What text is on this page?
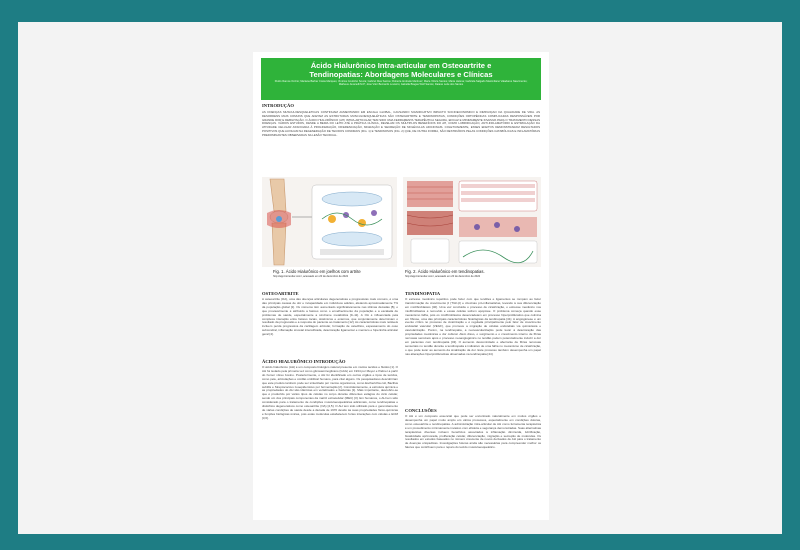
Ácido Hialurônico Intra-articular em Osteoartrite e
Tendinopatias: Abordagens Moleculares e Clínicas
Pedro Ramos Ozório; Mariana Barbar Costa Marques; Vinícius Coutinho Souza; Gabriel Dias Santos; Roberta Andrade Martinez; Maria Vitória Santos; Maria Helena; Gabriela Salgado Maximiliano Valadares Nascimento; Matheus Juvanelli M.P; Jose Vitor Bernardo Loureiro; Isabella Bragas Wolf Santos; Daiane Leite dos Santos
INTRODUÇÃO
AS DOENÇAS MUSCULOESQUELÉTICAS CONTINUAM AUMENTANDO EM ESCALA GLOBAL, CAUSANDO SIGNIFICATIVO IMPACTO SOCIOECONÔMICO E DIMINUIÇÃO DA QUALIDADE DE VIDA. AS DESORDENS MAIS COMUNS QUE AFETAM AS ESTRUTURAS MUSCULOESQUELÉTICAS SÃO OSTEOARTRITE E TENDINOPATIAS, CONDIÇÕES ORTOPÉDICAS COMPLICADAS RESPONSÁVEIS POR GRANDE DOR E DEBILITAÇÃO. O ÁCIDO HIALURÔNICO (AH) INTRA-ARTICULAR TEM SIDO UMA FERRAMENTA TERAPÊUTICA SEGURA, EFICAZ E MINIMAMENTE INVASIVA PARA O TRATAMENTO DESSAS DOENÇAS. VÁRIOS ESTUDOS, DESDE A BEIRA DO LEITO ATÉ A PRÁTICA CLÍNICA, REVELAM OS MÚLTIPLOS BENEFÍCIOS DO AH, COMO LUBRIFICAÇÃO, ANTI-INFLAMATÓRIO E ESTIMULAÇÃO DA ATIVIDADE CELULAR ASSOCIADA À PROLIFERAÇÃO, DIFERENCIAÇÃO, MIGRAÇÃO E SECREÇÃO DE MOLÉCULAS ADICIONAIS. COLETIVAMENTE, ESSES EFEITOS DEMONSTRARAM RESULTADOS POSITIVOS QUE AUXILIAM NA REGENERAÇÃO DE TECIDOS CONDRAIS (FIG. 1) E TENDINOSOS (FIG. 2) QUE, DE OUTRA FORMA, SÃO DESTRUÍDOS PELAS CONDIÇÕES CATABÓLICAS E INFLAMATÓRIAS PREDOMINANTES OBSERVADAS NA LESÃO TECIDUAL.
Fig. 1. Ácido Hialurônico em joelhos com artrite
http://app.biorender.com/, acessado em 20 de dezembro de 2022
Fig. 2. Ácido Hialurônico em tendinopatias.
http://app.biorender.com/, acessado em 20 de dezembro de 2022
OSTEOARTRITE
A osteoartrite (OA), uma das doenças articulares degenerativas e progressivas mais comuns, é uma das principais causas de dor e incapacidade em indivíduos adultos, afetando aproximadamente 7% da população global [1]. Os números têm aumentado significativamente nas últimas décadas [8], o que provavelmente é atribuído a fatores como o envelhecimento da população e a escalada de problemas de saúde, especialmente a síndrome metabólica [9–11]. A OA é influenciada pela complexa interação entre fatores locais, sistêmicos e externos, que conjuntamente determinam o resultado da progressão e a resposta do paciente ao tratamento [12]. As características mais notáveis incluem perda progressiva da cartilagem articular, formação de osteófitos, espessamento do osso subcondral, inflamação sinovial intensificada, deterioração ligamentar e menisco e hipertrofia articular geral [4].
ÁCIDO HIALURÔNICO INTRODUÇÃO
O ácido hialurônico (AH) é um composto biológico natural presente em muitos tecidos e fluidos [1]. O AH foi isolado pela primeira vez como glicosaminoglicano (GAG) em 1934 por Meyer e Palmer a partir do humor vítreo bovino. Posteriormente, o AH foi identificado em outros órgãos e tipos de tecidos, como pele, articulações e cordão umbilical humano, para citar alguns. Os pesquisadores descobriram que este produto também pode ser sintetizado por muitos organismos, como Escherichia coli, Bacillus subtilis e Streptococcus zooepidemicus por fermentação [2]. Coincidentemente, a estrutura química e as propriedades do AH são idênticas em vertebrados e bactérias [1]. Mais importante, descobriu-se que é produzido por vários tipos de células no corpo durante diferentes estágios do ciclo celular, sendo um dos principais componentes da matriz extracelular (MEC) [3]. Em humanos, o AH tem sido considerado para o tratamento de condições musculoesqueléticas adicionais, como tendinopatias e distúrbios degenerativos como osteoartrite (OA) [4,5]. O AH tem sido utilizado para o gerenciamento de várias condições de saúde desde a década de 1970 devido às suas propriedades físico-químicas e funções biológicas únicas, pois estas moléculas estabelecem fortes interações com células e ECM [3,6].
TENDINOPATIA
O estresse mecânico repetitivo pode fazer com que tendões e ligamentos se rompam ao fazer transformação de crescimento β (TGF-β) e citocinas pró-inflamatórias, levando à sua diferenciação em miofibroblastos [40]. Uma vez concluída o processo de cicatrização, o estresse mecânico nos miofibroblastos é removido e essas células sofrem apoptose. O problema começa quando esse mecanismo falha, pois os miofibroblastos desencadeiam em processo hiperproliferativo que culmina em fibrose, uma das principais características histológicas da tendinopatia [41]. A angiogênese é um evento crítico no processo de cicatrização e é regulada principalmente pelo fator de crescimento endotelial vascular (VEGF), que promove a migração de células endoteliais via quimiotaxia e vascularização. Porém, na tendinopatia, a neovascularização pode levar à deterioração das propriedades mecânicas e dor cultural. Além disso, o surgimento e o crescimento interno de fibras nervosas sensíveis após o processo neoangiogênico no tendão podem potencialmente induzir a dor em pacientes com tendinopatia [43]. O aumento descontrolado e aberrante de fibras nervosas sensoriais no tendão durante a tendinopatia é indicativo de uma falha no mecanismo de cicatrização, o que pode levar ao aumento da sinalização da dor. Este processo também desempenha um papel nas alterações hiperproliferativas observadas na tendinopatia [44].
CONCLUSÕES
O AH é um composto essencial que pode ser encontrado naturalmente em muitos órgãos e desempenha um papel muito amplo em vários processos, especialmente em condições doloras, como osteoartrite e tendinopatias. A administração intra-articular de AH como ferramenta terapêutica é um procedimento minimamente invasivo com eficácia e segurança demonstradas. Suas alternativas terapêuticas diversas incluem benefícios associados à inflamação diminuída, lubrificação, bioatividade aprimorada, proliferação celular, diferenciação, migração e secreção de moléculas. Os resultados em estudos baseados no número crescente de novos derivados de AH para o tratamento de doenças ortopédicas. Investigações futuras ainda são necessárias para compreender melhor os fatores que contribuem para o reparo do tecido musculoesquelético.
